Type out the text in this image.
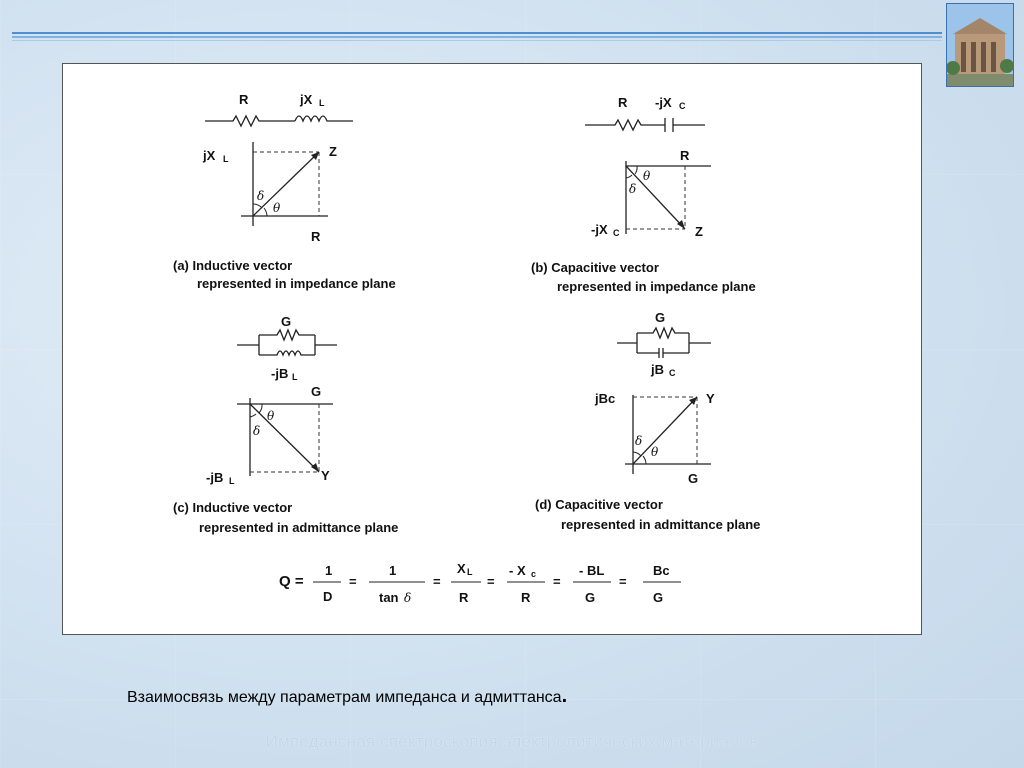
R	jX L
jX L	Z
R
δ
θ
(a) Inductive vector
represented in impedance plane
R -jX C
R
-jX C	Z
δ
θ
(b) Capacitive vector
represented in impedance plane
G
-jB L
G
-jB L	Y
δ
θ
(c) Inductive vector
represented in admittance plane
G
jB C
jBc	Y
G
δ
θ
(d) Capacitive vector
represented in admittance plane
Q =
1
D
=
1
tan δ
=
X L
R
=
- X c
R
=
- BL
G
=
Bc
G
Взаимосвязь между параметрам импеданса и адмиттанса.
Импедансная спектроскопия электролитических материалов
